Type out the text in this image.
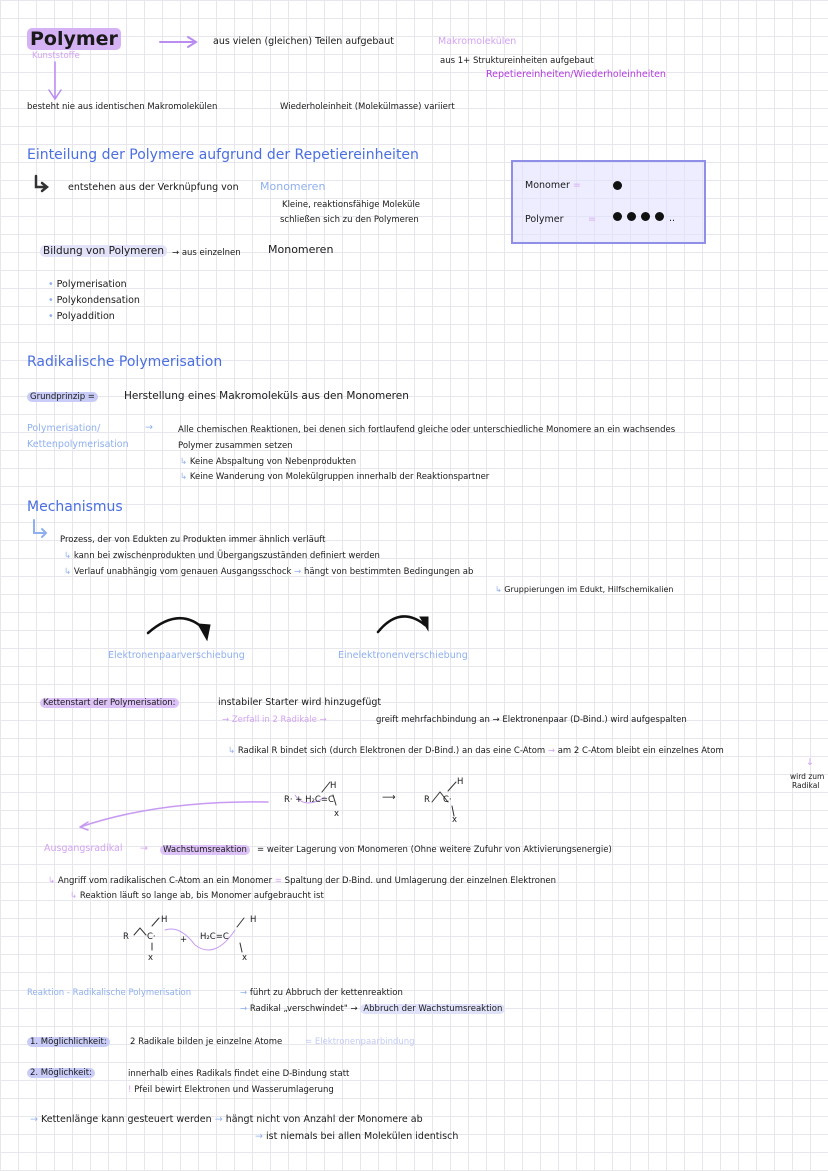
Polymer
Kunststoffe
aus vielen (gleichen) Teilen aufgebaut	Makromolekülen
aus 1+ Struktureinheiten aufgebaut
Repetiereinheiten/Wiederholeinheiten
besteht nie aus identischen Makromolekülen	Wiederholeinheit (Molekülmasse) variiert
Einteilung der Polymere aufgrund der Repetiereinheiten
entstehen aus der Verknüpfung von Monomeren
Kleine, reaktionsfähige Moleküle
schließen sich zu den Polymeren
Monomer =
Polymer	=	..
Bildung von Polymeren → aus einzelnen Monomeren
• Polymerisation
• Polykondensation
• Polyaddition
Radikalische Polymerisation
Grundprinzip =	Herstellung eines Makromoleküls aus den Monomeren
Polymerisation/
Kettenpolymerisation
→	Alle chemischen Reaktionen, bei denen sich fortlaufend gleiche oder unterschiedliche Monomere an ein wachsendes
Polymer zusammen setzen
↳ Keine Abspaltung von Nebenprodukten
↳ Keine Wanderung von Molekülgruppen innerhalb der Reaktionspartner
Mechanismus
Prozess, der von Edukten zu Produkten immer ähnlich verläuft
↳ kann bei zwischenprodukten und Übergangszuständen definiert werden
↳ Verlauf unabhängig vom genauen Ausgangsschock → hängt von bestimmten Bedingungen ab
↳ Gruppierungen im Edukt, Hilfschemikalien
Elektronenpaarverschiebung	Einelektronenverschiebung
Kettenstart der Polymerisation:	instabiler Starter wird hinzugefügt
→ Zerfall in 2 Radikale →	greift mehrfachbindung an → Elektronenpaar (D-Bind.) wird aufgespalten
↳ Radikal R bindet sich (durch Elektronen der D-Bind.) an das eine C-Atom → am 2 C-Atom bleibt ein einzelnes Atom
↓
wird zum
Radikal
R· + H₂C=C
H
x
⟶	R C·
H
x
Ausgangsradikal →	Wachstumsreaktion	= weiter Lagerung von Monomeren (Ohne weitere Zufuhr von Aktivierungsenergie)
↳ Angriff vom radikalischen C-Atom an ein Monomer = Spaltung der D-Bind. und Umlagerung der einzelnen Elektronen
↳ Reaktion läuft so lange ab, bis Monomer aufgebraucht ist
R C·
H
x
+ H₂C=C
H
x
Reaktion - Radikalische Polymerisation	→ führt zu Abbruch der kettenreaktion
→ Radikal „verschwindet" → Abbruch der Wachstumsreaktion
1. Möglichlichkeit:	2 Radikale bilden je einzelne Atome	= Elektronenpaarbindung
2. Möglichkeit:	innerhalb eines Radikals findet eine D-Bindung statt
! Pfeil bewirt Elektronen und Wasserumlagerung
→ Kettenlänge kann gesteuert werden → hängt nicht von Anzahl der Monomere ab
→ ist niemals bei allen Molekülen identisch
